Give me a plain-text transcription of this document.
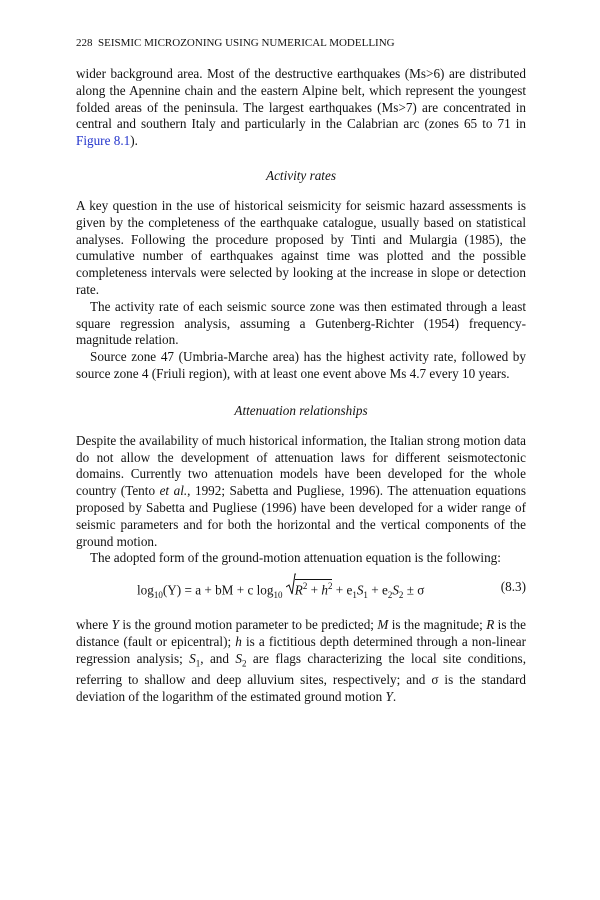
228 SEISMIC MICROZONING USING NUMERICAL MODELLING

wider background area. Most of the destructive earthquakes (Ms>6) are distributed along the Apennine chain and the eastern Alpine belt, which represent the youngest folded areas of the peninsula. The largest earthquakes (Ms>7) are concentrated in central and southern Italy and particularly in the Calabrian arc (zones 65 to 71 in Figure 8.1).

Activity rates

A key question in the use of historical seismicity for seismic hazard assessments is given by the completeness of the earthquake catalogue, usually based on statistical analyses. Following the procedure proposed by Tinti and Mulargia (1985), the cumulative number of earthquakes against time was plotted and the possible completeness intervals were selected by looking at the increase in slope or detection rate.

The activity rate of each seismic source zone was then estimated through a least square regression analysis, assuming a Gutenberg-Richter (1954) frequency-magnitude relation.

Source zone 47 (Umbria-Marche area) has the highest activity rate, followed by source zone 4 (Friuli region), with at least one event above Ms 4.7 every 10 years.

Attenuation relationships

Despite the availability of much historical information, the Italian strong motion data do not allow the development of attenuation laws for different seismotectonic domains. Currently two attenuation models have been developed for the whole country (Tento et al., 1992; Sabetta and Pugliese, 1996). The attenuation equations proposed by Sabetta and Pugliese (1996) have been developed for a wider range of seismic parameters and for both the horizontal and the vertical components of the ground motion.

The adopted form of the ground-motion attenuation equation is the following:

$\log_{10}(Y) = a$ + bM + c $\log_{10} R^2 + h^2 + e_1S_1 + e_2S_2 \pm \sigma$	(8.3)

where Y is the ground motion parameter to be predicted; M is the magnitude; R is the distance (fault or epicentral); h is a fictitious depth determined through a non-linear regression analysis; $S_1$, and $S_2$ are flags characterizing the local site conditions, referring to shallow and deep alluvium sites, respectively; and σ is the standard deviation of the logarithm of the estimated ground motion Y.
